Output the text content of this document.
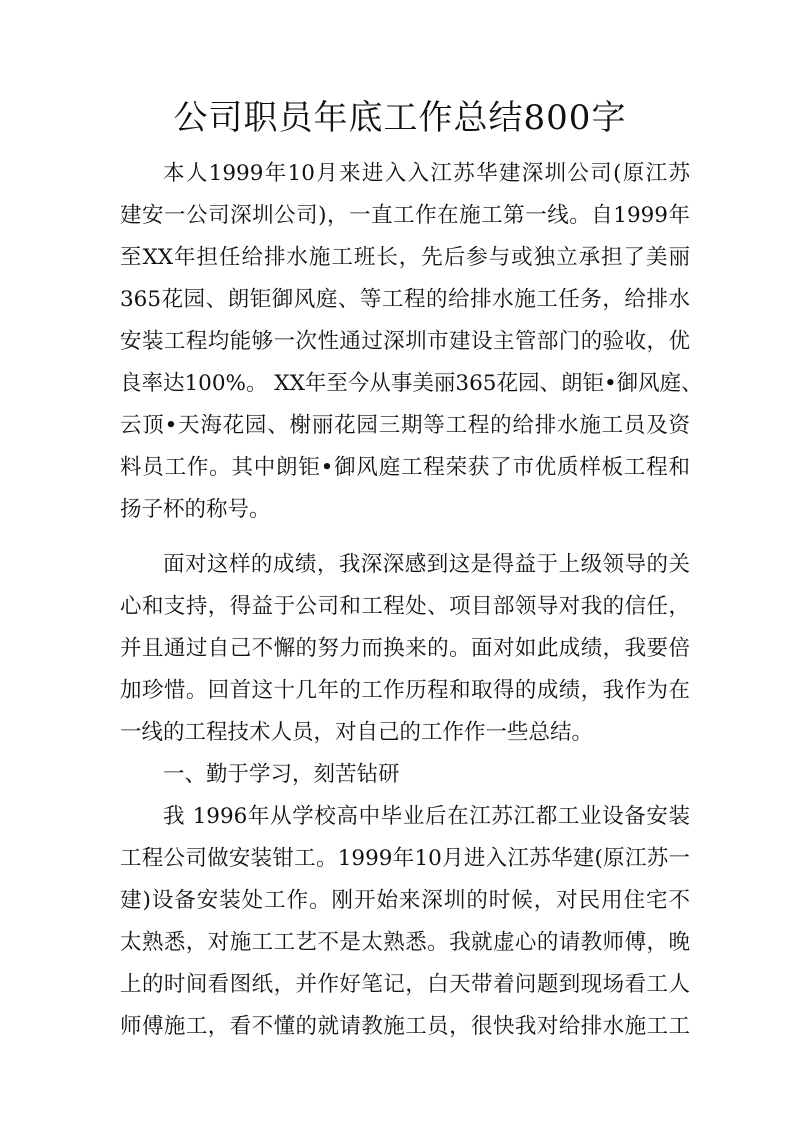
公司职员年底工作总结800字
本人1999年10月来进入入江苏华建深圳公司(原江苏
建安一公司深圳公司)，一直工作在施工第一线。自1999年
至XX年担任给排水施工班长，先后参与或独立承担了美丽
365花园、朗钜御风庭、等工程的给排水施工任务，给排水
安装工程均能够一次性通过深圳市建设主管部门的验收，优
良率达100%。 XX年至今从事美丽365花园、朗钜•御风庭、
云顶•天海花园、榭丽花园三期等工程的给排水施工员及资
料员工作。其中朗钜•御风庭工程荣获了市优质样板工程和
扬子杯的称号。
面对这样的成绩，我深深感到这是得益于上级领导的关
心和支持，得益于公司和工程处、项目部领导对我的信任，
并且通过自己不懈的努力而换来的。面对如此成绩，我要倍
加珍惜。回首这十几年的工作历程和取得的成绩，我作为在
一线的工程技术人员，对自己的工作作一些总结。
一、勤于学习，刻苦钻研
我 1996年从学校高中毕业后在江苏江都工业设备安装
工程公司做安装钳工。1999年10月进入江苏华建(原江苏一
建)设备安装处工作。刚开始来深圳的时候，对民用住宅不
太熟悉，对施工工艺不是太熟悉。我就虚心的请教师傅，晚
上的时间看图纸，并作好笔记，白天带着问题到现场看工人
师傅施工，看不懂的就请教施工员，很快我对给排水施工工
